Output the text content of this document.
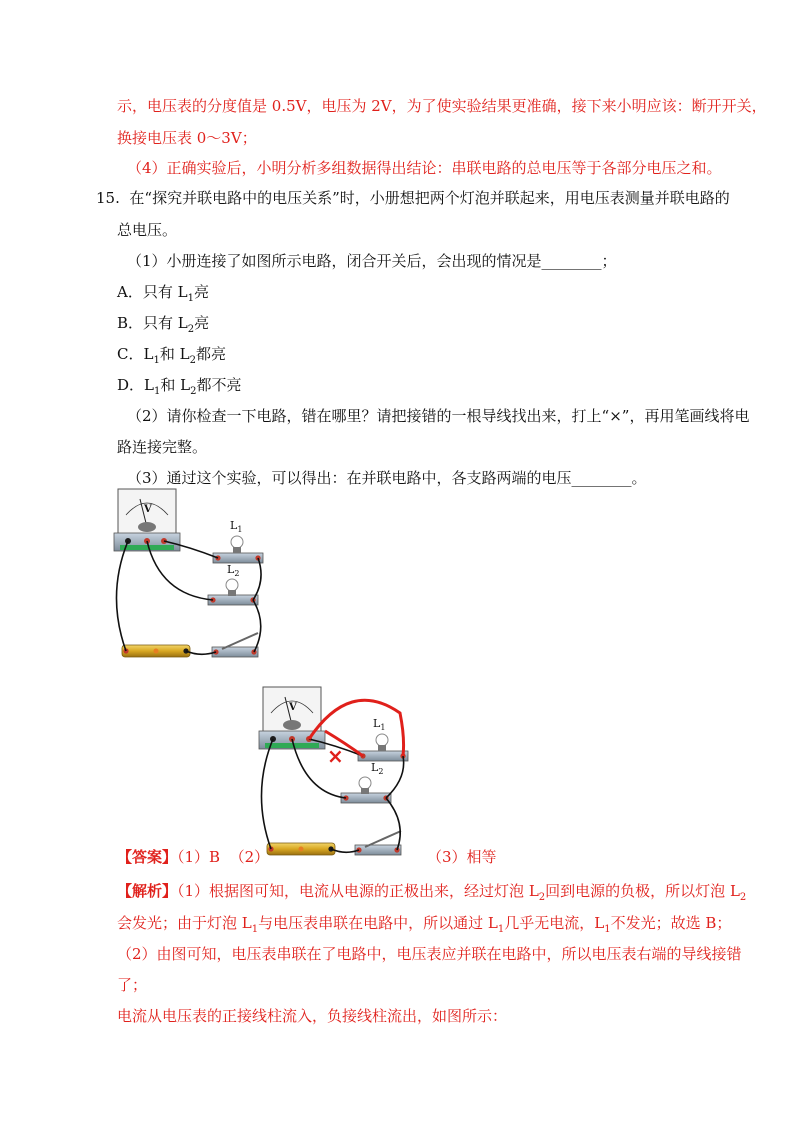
示，电压表的分度值是 0.5V，电压为 2V，为了使实验结果更准确，接下来小明应该：断开开关，
换接电压表 0～3V；
（4）正确实验后，小明分析多组数据得出结论：串联电路的总电压等于各部分电压之和。
15. 在“探究并联电路中的电压关系”时，小册想把两个灯泡并联起来，用电压表测量并联电路的
总电压。
（1）小册连接了如图所示电路，闭合开关后，会出现的情况是________；
A．只有 $L_1$亮
B．只有 $L_2$亮
C．$L_1$和 $L_2$都亮
D．$L_1$和 $L_2$都不亮
（2）请你检查一下电路，错在哪里？请把接错的一根导线找出来，打上“×”，再用笔画线将电
路连接完整。
（3）通过这个实验，可以得出：在并联电路中，各支路两端的电压________。
V
$L_1$
$L_2$
V
$L_1$
$L_2$
×
【答案】（1）B （2）	（3）相等
【解析】（1）根据图可知，电流从电源的正极出来，经过灯泡 $L_2$回到电源的负极，所以灯泡 $L_2$
会发光；由于灯泡 $L_1$与电压表串联在电路中，所以通过 $L_1$几乎无电流，$L_1$不发光；故选 B；
（2）由图可知，电压表串联在了电路中，电压表应并联在电路中，所以电压表右端的导线接错
了；
电流从电压表的正接线柱流入，负接线柱流出，如图所示：
